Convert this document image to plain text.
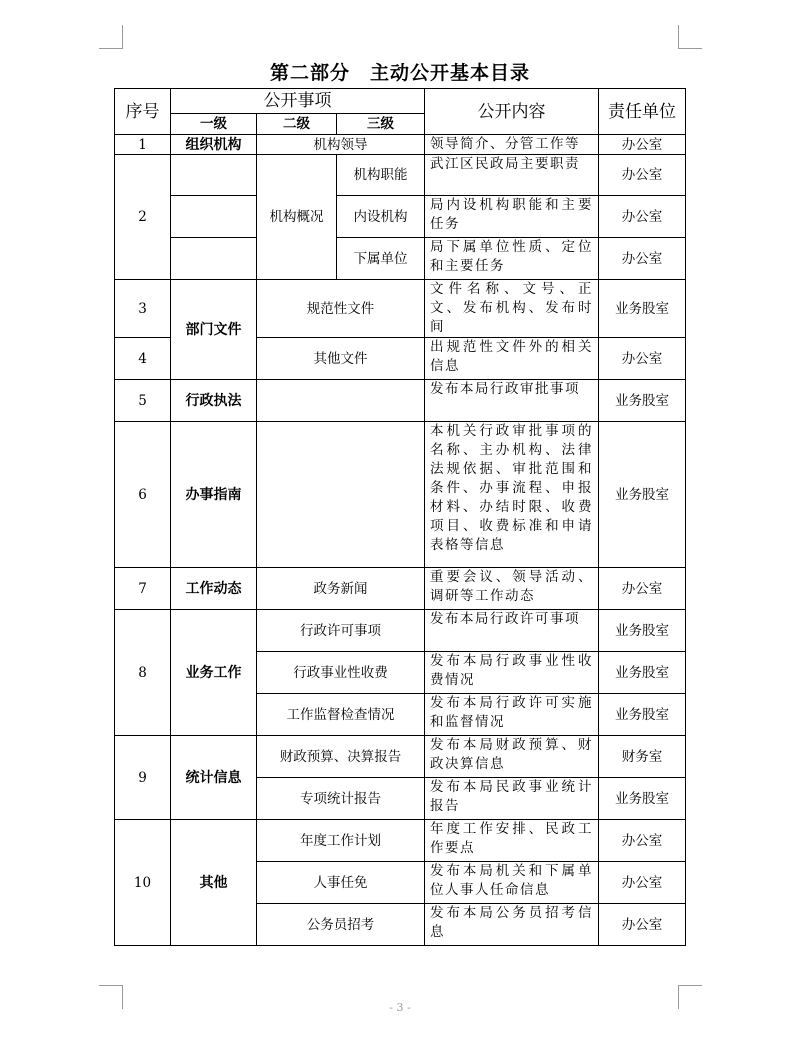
第二部分 主动公开基本目录
序号	公开事项			公开内容	责任单位
	一级	二级	三级		
1	组织机构	机构领导		领导简介、分管工作等	办公室
2		机构概况	机构职能	武江区民政局主要职责	办公室
			内设机构	局内设机构职能和主要任务	办公室
			下属单位	局下属单位性质、定位和主要任务	办公室
3	部门文件	规范性文件		文件名称、文号、正文、发布机构、发布时间	业务股室
4		其他文件		出规范性文件外的相关信息	办公室
5	行政执法			发布本局行政审批事项	业务股室
6	办事指南			本机关行政审批事项的名称、主办机构、法律法规依据、审批范围和条件、办事流程、申报材料、办结时限、收费项目、收费标准和申请表格等信息	业务股室
7	工作动态	政务新闻		重要会议、领导活动、调研等工作动态	办公室
8	业务工作	行政许可事项		发布本局行政许可事项	业务股室
		行政事业性收费		发布本局行政事业性收费情况	业务股室
		工作监督检查情况		发布本局行政许可实施和监督情况	业务股室
9	统计信息	财政预算、决算报告		发布本局财政预算、财政决算信息	财务室
		专项统计报告		发布本局民政事业统计报告	业务股室
10	其他	年度工作计划		年度工作安排、民政工作要点	办公室
		人事任免		发布本局机关和下属单位人事人任命信息	办公室
		公务员招考		发布本局公务员招考信息	办公室
- 3 -
